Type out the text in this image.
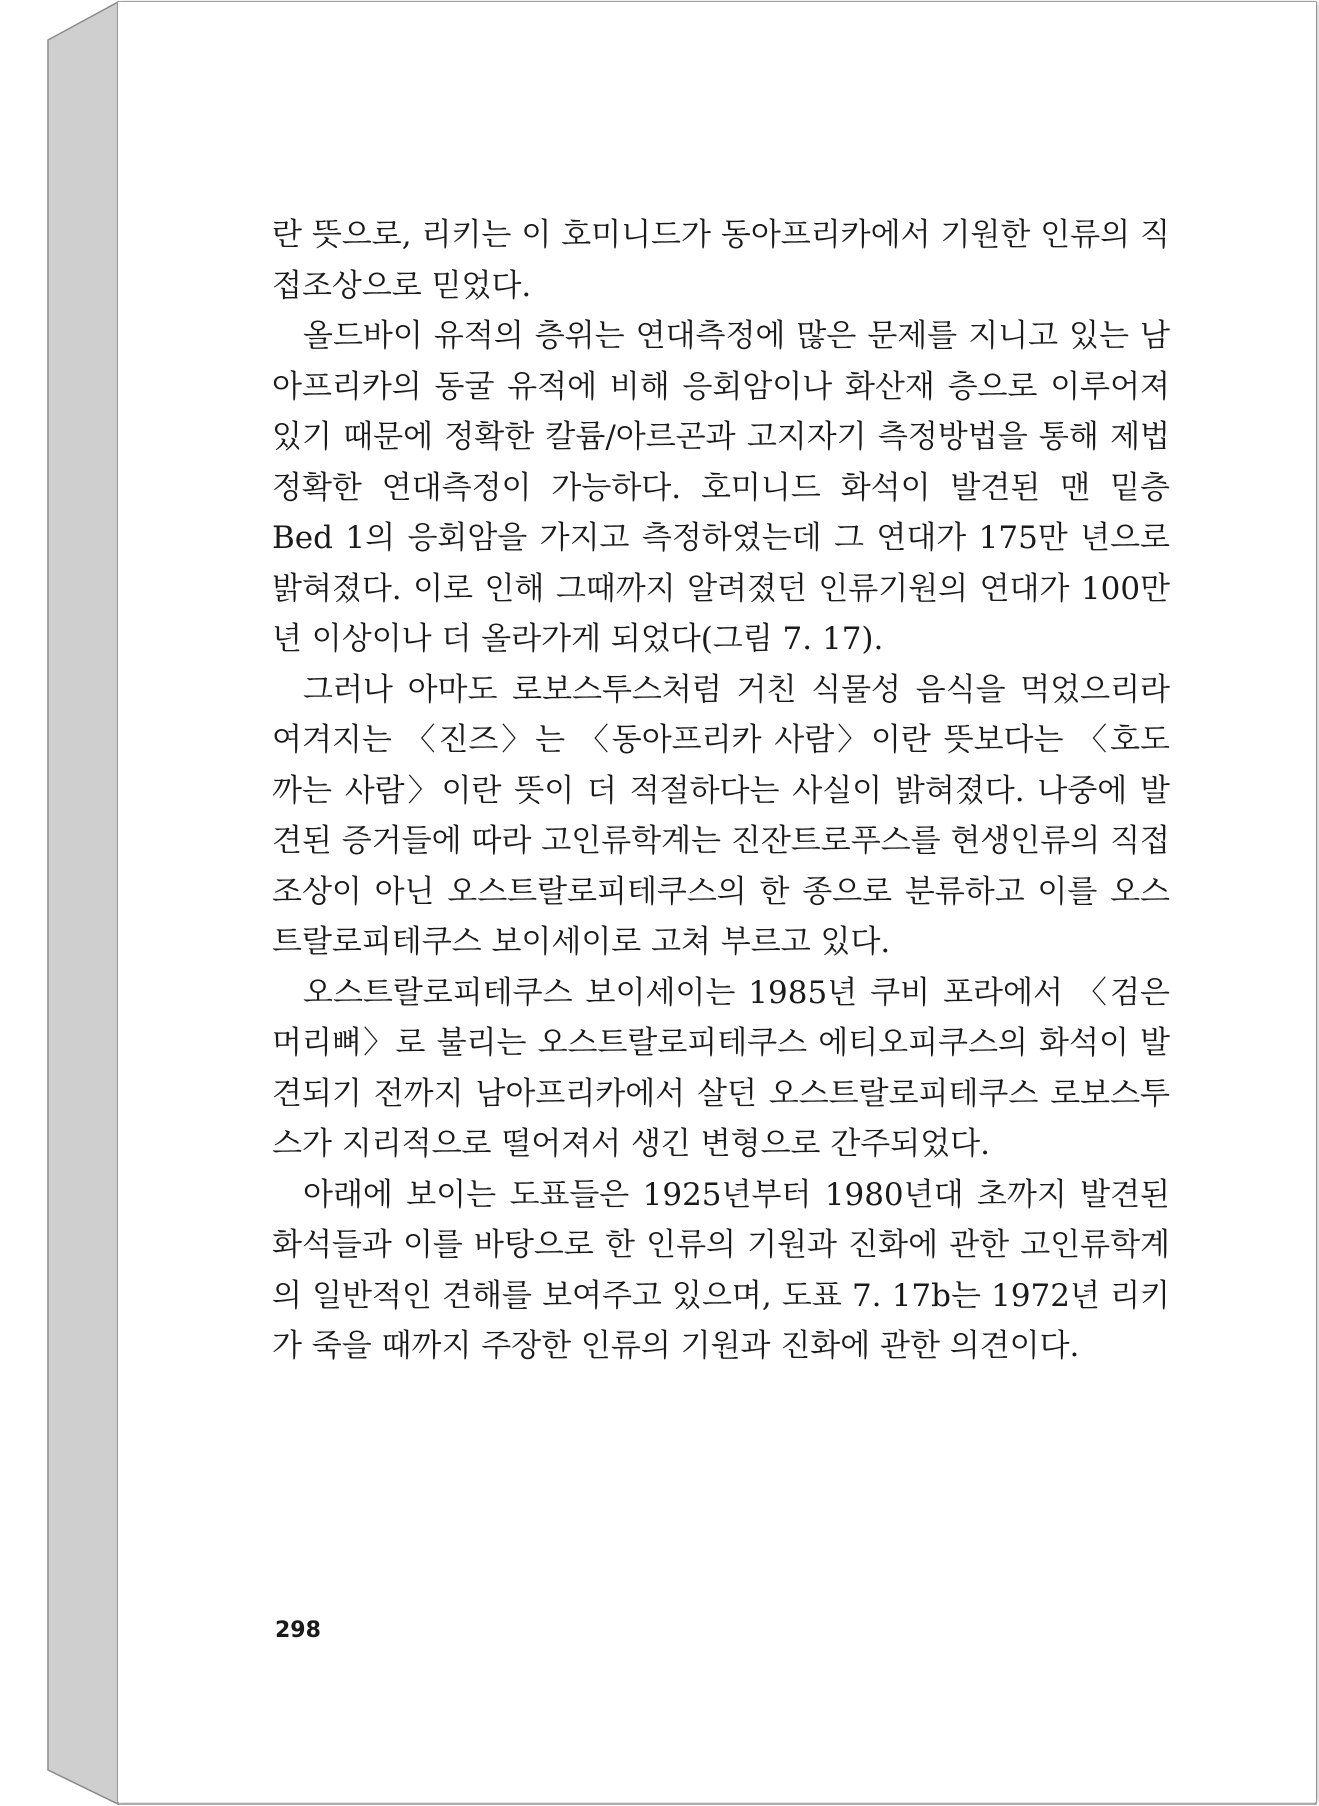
란 뜻으로, 리키는 이 호미니드가 동아프리카에서 기원한 인류의 직접조상으로 믿었다.

올드바이 유적의 층위는 연대측정에 많은 문제를 지니고 있는 남아프리카의 동굴 유적에 비해 응회암이나 화산재 층으로 이루어져 있기 때문에 정확한 칼륨/아르곤과 고지자기 측정방법을 통해 제법 정확한 연대측정이 가능하다. 호미니드 화석이 발견된 맨 밑층 Bed 1의 응회암을 가지고 측정하였는데 그 연대가 175만 년으로 밝혀졌다. 이로 인해 그때까지 알려졌던 인류기원의 연대가 100만 년 이상이나 더 올라가게 되었다(그림 7. 17).

그러나 아마도 로보스투스처럼 거친 식물성 음식을 먹었으리라 여겨지는 〈진즈〉는 〈동아프리카 사람〉이란 뜻보다는 〈호도 까는 사람〉이란 뜻이 더 적절하다는 사실이 밝혀졌다. 나중에 발견된 증거들에 따라 고인류학계는 진잔트로푸스를 현생인류의 직접조상이 아닌 오스트랄로피테쿠스의 한 종으로 분류하고 이를 오스트랄로피테쿠스 보이세이로 고쳐 부르고 있다.

오스트랄로피테쿠스 보이세이는 1985년 쿠비 포라에서 〈검은 머리뼈〉로 불리는 오스트랄로피테쿠스 에티오피쿠스의 화석이 발견되기 전까지 남아프리카에서 살던 오스트랄로피테쿠스 로보스투스가 지리적으로 떨어져서 생긴 변형으로 간주되었다.

아래에 보이는 도표들은 1925년부터 1980년대 초까지 발견된 화석들과 이를 바탕으로 한 인류의 기원과 진화에 관한 고인류학계의 일반적인 견해를 보여주고 있으며, 도표 7. 17b는 1972년 리키가 죽을 때까지 주장한 인류의 기원과 진화에 관한 의견이다.

298
